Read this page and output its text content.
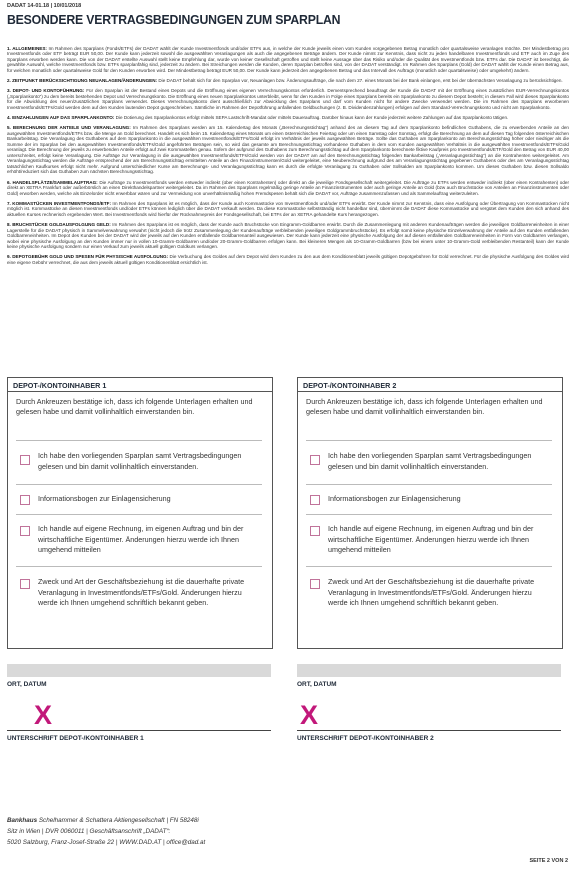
DADAT 14-01.18 | 10/01/2018
BESONDERE VERTRAGSBEDINGUNGEN ZUM SPARPLAN

1. ALLGEMEINES: Im Rahmen des Sparplans (Fonds/ETFs) der DADAT wählt der Kunde Investmentfonds und/oder ETFs aus, in welche der Kunde jeweils einen vom Kunden vorgegebenen Betrag monatlich oder quartalsweise veranlagen möchte. Der Mindestbetrag pro Investmentfonds oder ETF beträgt EUR 50,00. Der Kunde kann jederzeit sowohl die ausgewählten Veranlagungen als auch die angegebenen Beträge ändern. Der Kunde nimmt zur Kenntnis, dass nicht zu jeden handelbaren Investmentfonds und ETF auch im Zuge des Sparplans erworben werden kann. Die von der DADAT erstellte Auswahl stellt keine Empfehlung dar, wurde von keiner Gesellschaft getroffen und stellt keine Aussage über das Risiko und/oder die Qualität des Investmentfonds bzw. ETFs dar. Die DADAT ist berechtigt, die gewählte Auswahl, welche Investmentfonds bzw. ETFs sparplanfähig sind, jederzeit zu ändern. Bei Streichungen werden die Kunden, deren Sparplan betroffen sind, von der DADAT verständigt. Im Rahmen des Sparplans (Gold) der DADAT wählt der Kunde einen Betrag aus, für welchen monatlich oder quartalsweise Gold für den Kunden erworben wird. Der Mindestbetrag beträgt EUR 50,00. Der Kunde kann jederzeit den angegebenen Betrag und das Intervall des Auftrags (monatlich oder quartalsweise) oder umgekehrt) ändern.

2. ZEITPUNKT BERÜCKSICHTIGUNG NEUANLAGEN/ÄNDERUNGEN: Die DADAT behält sich für den Sparplan vor, Neuanlagen bzw. Änderungsaufträge, die nach dem 27. eines Monats bei der Bank einlangen, erst bei der übernächsten Veranlagung zu berücksichtigen.

3. DEPOT- UND KONTOFÜHRUNG: Für den Sparplan ist der Bestand eines Depots und die Eröffnung eines eigenen Verrechnungskontos erforderlich. Dementsprechend beauftragt der Kunde die DADAT mit der Eröffnung eines zusätzlichen EUR-Verrechnungskontos („Sparplankonto“) zu dem bereits bestehenden Depot und Verrechnungskonto. Die Eröffnung eines neuen Sparplankontos unterbleibt, wenn für den Kunden in Folge eines Sparplans bereits ein Sparplankonto zu diesem Depot besteht; in diesem Fall wird dieses Sparplankonto für die Abwicklung des neuen/zusätzlichen Sparplans verwendet. Dieses Verrechnungskonto dient ausschließlich zur Abwicklung des Sparplans und darf vom Kunden nicht für andere Zwecke verwendet werden. Die im Rahmen des Sparplans erworbenen Investmentfonds/ETFs/Gold werden dem auf den Kunden lautenden Depot gutgeschrieben. Sämtliche im Rahmen der Depotführung anfallenden Geldbuchungen (z. B. Dividendenzahlungen) erfolgen auf dem Standard-Verrechnungskonto und nicht am Sparplankonto.

4. EINZAHLUNGEN AUF DAS SPARPLANKONTO: Die Dotierung des Sparplankontos erfolgt mittels SEPA Lastschrift-Mandat oder mittels Dauerauftrag. Darüber hinaus kann der Kunde jederzeit weitere Zahlungen auf das Sparplankonto tätigen.

5. BERECHNUNG DER ANTEILE UND VERANLAGUNG: Im Rahmen des Sparplans werden am 15. Kalendertag des Monats („Berechnungsstichtag“) anhand des an diesem Tag auf dem Sparplankonto befindlichen Guthabens, die zu erwerbenden Anteile an den ausgewählten Investmentfonds/ETFs bzw. die Menge an Gold berechnet. Handelt es sich beim 15. Kalendertag eines Monats um einen österreichischen Feiertag oder um einen Samstag oder Sonntag, erfolgt die Berechnung an dem auf diesen Tag folgenden österreichischen Bankarbeitstag. Die Veranlagung des Guthabens auf dem Sparplankonto in die ausgewählten Investmentfonds/ETFs/Gold erfolgt im Verhältnis der jeweils ausgewählten Beträge. Sollte das Guthaben am Sparplankonto am Berechnungsstichtag höher oder niedriger als die Summe der im Sparplan bei den ausgewählten Investmentfonds/ETFs/Gold angeführten Beträgen sein, so wird das gesamte am Berechnungsstichtag vorhandene Guthaben in dem vom Kunden ausgewählten Verhältnis in die ausgewählten Investmentfonds/ETFs/Gold veranlagt. Die Berechnung der jeweils zu erwerbenden Anteile erfolgt auf zwei Kommastellen genau. Sofern der aufgrund des Guthabens zum Berechnungsstichtag auf dem Sparplankonto berechnete fiktive Kaufpreis pro Investmentfonds/ETF/Gold den Betrag von EUR 40,00 unterschreitet, erfolgt keine Veranlagung. Die Aufträge zur Veranlagung in die ausgewählten Investmentfonds/ETFs/Gold werden von der DADAT am auf den Berechnungsstichtag folgenden Bankarbeitstag („Veranlagungsstichtag“) an die Kontrahenten weitergeleitet. Am Veranlagungsstichtag werden die Aufträge entsprechend der am Berechnungsstichtag ermittelten Anteile an den Finanzinstrumenten/Gold weitergeleitet, eine Neuberechnung aufgrund des am Veranlagungsstichtag gegebenen Guthabens oder des am Veranlagungsstichtag tatsächlichen Kaufkurses erfolgt nicht mehr. Aufgrund unterschiedlicher Kurse am Berechnungs- und Veranlagungsstichtag kann es durch die erfolgte Veranlagung zu Guthaben oder Sollsalden am Sparplankonto kommen. Um dieses Guthaben bzw. diesen Sollsaldo erhöht/reduziert sich das Guthaben zum nächsten Berechnungsstichtag.

6. HANDELSPLÄTZE/SAMMELAUFTRAG: Die Aufträge zu Investmentfonds werden entweder indirekt (über einen Kontrahenten) oder direkt an die jeweilige Fondsgesellschaft weitergeleitet. Die Aufträge zu ETFs werden entweder indirekt (über einen Kontrahenten) oder direkt an XETRA Frankfurt oder außerbörslich an einen Direkthandelspartner weitergeleitet. Da im Rahmen des Sparplans regelmäßig geringe Anteile an Finanzinstrumenten oder auch geringe Anteile an Gold (bzw auch Bruchstücke von Anteilen an Finanzinstrumenten oder Gold) erworben werden, welche als Einzelorder nicht erwerbbar wären und zur Vermeidung von unverhältnismäßig hohen Fremdspesen behält sich die DADAT vor, Aufträge zusammenzufassen und als Sammelauftrag weiterzuleiten.

7. KOMMASTÜCKEN INVESTMENTFONDS/ETF: Im Rahmen des Sparplans ist es möglich, dass der Kunde auch Kommastücke von Investmentfonds und/oder ETFs erwirbt. Der Kunde nimmt zur Kenntnis, dass eine Ausfolgung oder Übertragung von Kommastücken nicht möglich ist. Kommastücke an diesen Investmentfonds und/oder ETFs können lediglich über die DADAT verkauft werden. Da diese Kommastücke selbstständig nicht handelbar sind, übernimmt die DADAT diese Kommastücke und vergütet dem Kunden den sich anhand des aktuellen Kurses rechnerisch ergebenden Wert. Bei Investmentfonds wird hierfür der Rücknahmepreis der Fondsgesellschaft, bei ETFs der an XETRA gehandelte Kurs herangezogen.

8. BRUCHSTÜCKE GOLDAUSFOLGUNG GELD: Im Rahmen des Sparplans ist es möglich, dass der Kunde auch Bruchstücke von Eingramm-Goldbarren erwirbt. Durch die Zusammenlegung mit anderen Kundenaufträgen werden die jeweiligen Goldbarreneinheiten in einer Lagerstelle für die DADAT physisch in Sammelverwahrung verwahrt (nicht jedoch die trotz Zusammenlegung der Kundenaufträge verbleibenden jeweiligen Goldgrammbruchstücke). Es erfolgt somit keine physische Einzelverwahrung der Anteile auf den Kunden entfallenden Goldbarreneinheiten. Im Depot des Kunden bei der DADAT wird der jeweils auf den Kunden entfallende Goldbarrenanteil ausgewiesen. Der Kunde kann jederzeit eine physische Ausfolgung der auf diesen entfallenden Goldbarreneinheiten in Form von Goldbarren verlangen, wobei eine physische Ausfolgung an den Kunden immer nur in vollen 10-Gramm-Goldbarren und/oder 20-Gramm-Goldbarren erfolgen kann. Bei kleineren Mengen als 10-Gramm-Goldbarren (bzw bei einem unter 10-Gramm-Gold verbleibenden Restanteil) kann der Kunde keine physische Ausfolgung sondern nur einen Verkauf zum jeweils aktuell gültigen Goldkurs verlangen.

9. DEPOTGEBÜHR GOLD UND SPESEN FÜR PHYSISCHE AUSFOLGUNG: Die Verbuchung des Goldes auf dem Depot wird dem Kunden zu den aus dem Konditionenblatt jeweils gültigen Depotgebühren für Gold verrechnet. Für die physische Ausfolgung des Goldes wird eine eigene Gebühr verrechnet, die aus dem jeweils aktuell gültigen Konditionenblatt ersichtlich ist.

DEPOT-/KONTOINHABER 1
Durch Ankreuzen bestätige ich, dass ich folgende Unterlagen erhalten und gelesen habe und damit vollinhaltlich einverstanden bin.
Ich habe den vorliegenden Sparplan samt Vertragsbedingungen gelesen und bin damit vollinhaltlich einverstanden.
Informationsbogen zur Einlagensicherung
Ich handle auf eigene Rechnung, im eigenen Auftrag und bin der wirtschaftliche Eigentümer. Änderungen hierzu werde ich Ihnen umgehend mitteilen
Zweck und Art der Geschäftsbeziehung ist die dauerhafte private Veranlagung in Investmentfonds/ETFs/Gold. Änderungen hierzu werde ich Ihnen umgehend schriftlich bekannt geben.
DEPOT-/KONTOINHABER 2
Durch Ankreuzen bestätige ich, dass ich folgende Unterlagen erhalten und gelesen habe und damit vollinhaltlich einverstanden bin.
Ich habe den vorliegenden Sparplan samt Vertragsbedingungen gelesen und bin damit vollinhaltlich einverstanden.
Informationsbogen zur Einlagensicherung
Ich handle auf eigene Rechnung, im eigenen Auftrag und bin der wirtschaftliche Eigentümer. Änderungen hierzu werde ich Ihnen umgehend mitteilen
Zweck und Art der Geschäftsbeziehung ist die dauerhafte private Veranlagung in Investmentfonds/ETFs/Gold. Änderungen hierzu werde ich Ihnen umgehend schriftlich bekannt geben.
ORT, DATUM	ORT, DATUM
X	X
UNTERSCHRIFT DEPOT-/KONTOINHABER 1	UNTERSCHRIFT DEPOT-/KONTOINHABER 2
Bankhaus Schelhammer & Schattera Aktiengesellschaft | FN 58248i
Sitz in Wien | DVR 0060011 | Geschäftsanschrift „DADAT“:
5020 Salzburg, Franz-Josef-Straße 22 | WWW.DAD.AT | office@dad.at
SEITE 2 VON 2
